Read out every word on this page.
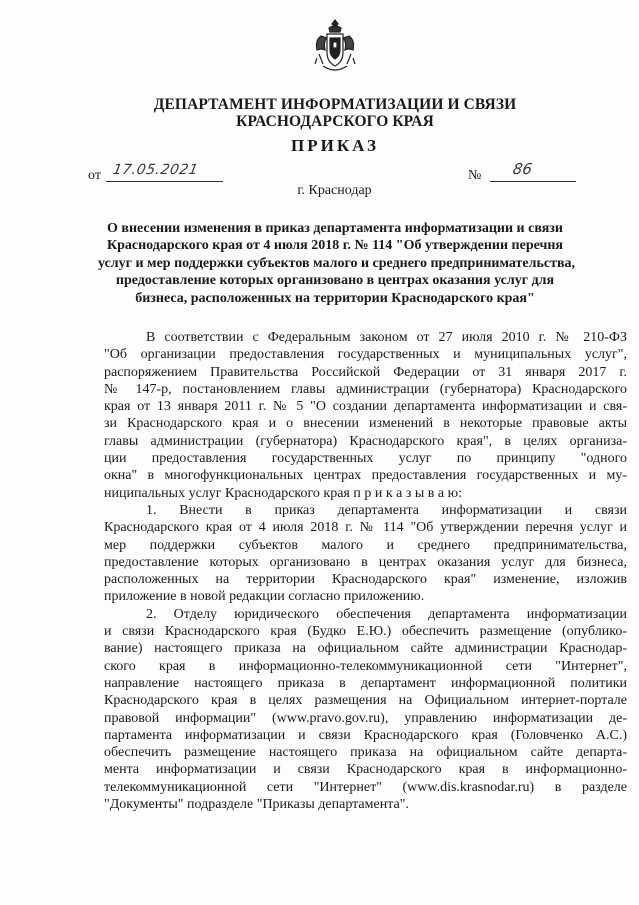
ДЕПАРТАМЕНТ ИНФОРМАТИЗАЦИИ И СВЯЗИ
КРАСНОДАРСКОГО КРАЯ
ПРИКАЗ
от 17.05.2021	№ 86
г. Краснодар
О внесении изменения в приказ департамента информатизации и связи
Краснодарского края от 4 июля 2018 г. № 114 "Об утверждении перечня
услуг и мер поддержки субъектов малого и среднего предпринимательства,
предоставление которых организовано в центрах оказания услуг для
бизнеса, расположенных на территории Краснодарского края"
В соответствии с Федеральным законом от 27 июля 2010 г. № 210-ФЗ
"Об организации предоставления государственных и муниципальных услуг",
распоряжением Правительства Российской Федерации от 31 января 2017 г.
№ 147-р, постановлением главы администрации (губернатора) Краснодарского
края от 13 января 2011 г. № 5 "О создании департамента информатизации и свя-
зи Краснодарского края и о внесении изменений в некоторые правовые акты
главы администрации (губернатора) Краснодарского края", в целях организа-
ции предоставления государственных услуг по принципу "одного
окна" в многофункциональных центрах предоставления государственных и му-
ниципальных услуг Краснодарского края п р и к а з ы в а ю:
1. Внести в приказ департамента информатизации и связи
Краснодарского края от 4 июля 2018 г. № 114 "Об утверждении перечня услуг и
мер поддержки субъектов малого и среднего предпринимательства,
предоставление которых организовано в центрах оказания услуг для бизнеса,
расположенных на территории Краснодарского края" изменение, изложив
приложение в новой редакции согласно приложению.
2. Отделу юридического обеспечения департамента информатизации
и связи Краснодарского края (Будко Е.Ю.) обеспечить размещение (опублико-
вание) настоящего приказа на официальном сайте администрации Краснодар-
ского края в информационно-телекоммуникационной сети "Интернет",
направление настоящего приказа в департамент информационной политики
Краснодарского края в целях размещения на Официальном интернет-портале
правовой информации" (www.pravo.gov.ru), управлению информатизации де-
партамента информатизации и связи Краснодарского края (Головченко А.С.)
обеспечить размещение настоящего приказа на официальном сайте департа-
мента информатизации и связи Краснодарского края в информационно-
телекоммуникационной сети "Интернет" (www.dis.krasnodar.ru) в разделе
"Документы" подразделе "Приказы департамента".
